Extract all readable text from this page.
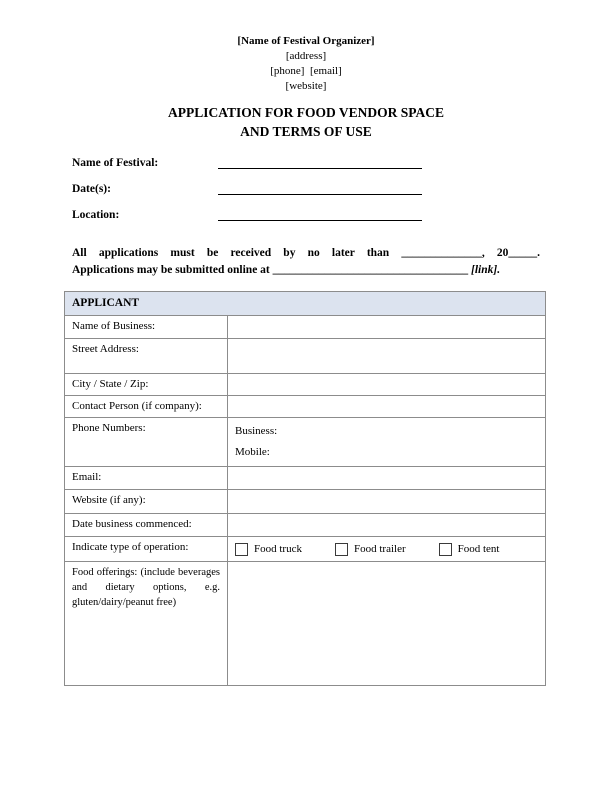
[Name of Festival Organizer]
[address]
[phone]  [email]
[website]
APPLICATION FOR FOOD VENDOR SPACE
AND TERMS OF USE
Name of Festival:
Date(s):
Location:

All applications must be received by no later than ______________, 20_____.
Applications may be submitted online at __________________________________ [link].

APPLICANT	
Name of Business:	
Street Address:	
City / State / Zip:	
Contact Person (if company):	
Phone Numbers:	Business:
Mobile:

Email:	
Website (if any):	
Date business commenced:	
Indicate type of operation:	Food truck Food trailer Food tent

Food offerings: (include beverages and dietary options, e.g. gluten/dairy/peanut free)	
